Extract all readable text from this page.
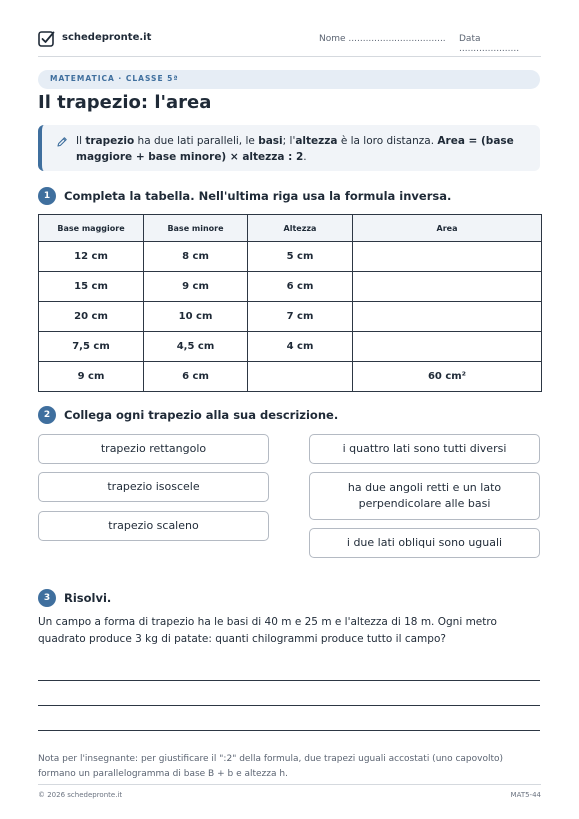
schedepronte.it	Nome .................................. Data .....................
MATEMATICA · CLASSE 5ª
Il trapezio: l'area
Il trapezio ha due lati paralleli, le basi; l'altezza è la loro distanza. Area = (base maggiore + base minore) × altezza : 2.
1	Completa la tabella. Nell'ultima riga usa la formula inversa.
Base maggiore	Base minore	Altezza	Area
12 cm	8 cm	5 cm	
15 cm	9 cm	6 cm	
20 cm	10 cm	7 cm	
7,5 cm	4,5 cm	4 cm	
9 cm	6 cm		60 cm²
2	Collega ogni trapezio alla sua descrizione.
trapezio rettangolo
trapezio isoscele
trapezio scaleno
i quattro lati sono tutti diversi
ha due angoli retti e un lato perpendicolare alle basi
i due lati obliqui sono uguali
3	Risolvi.
Un campo a forma di trapezio ha le basi di 40 m e 25 m e l'altezza di 18 m. Ogni metro quadrato produce 3 kg di patate: quanti chilogrammi produce tutto il campo?
Nota per l'insegnante: per giustificare il ":2" della formula, due trapezi uguali accostati (uno capovolto) formano un parallelogramma di base B + b e altezza h.
© 2026 schedepronte.it	MAT5-44
